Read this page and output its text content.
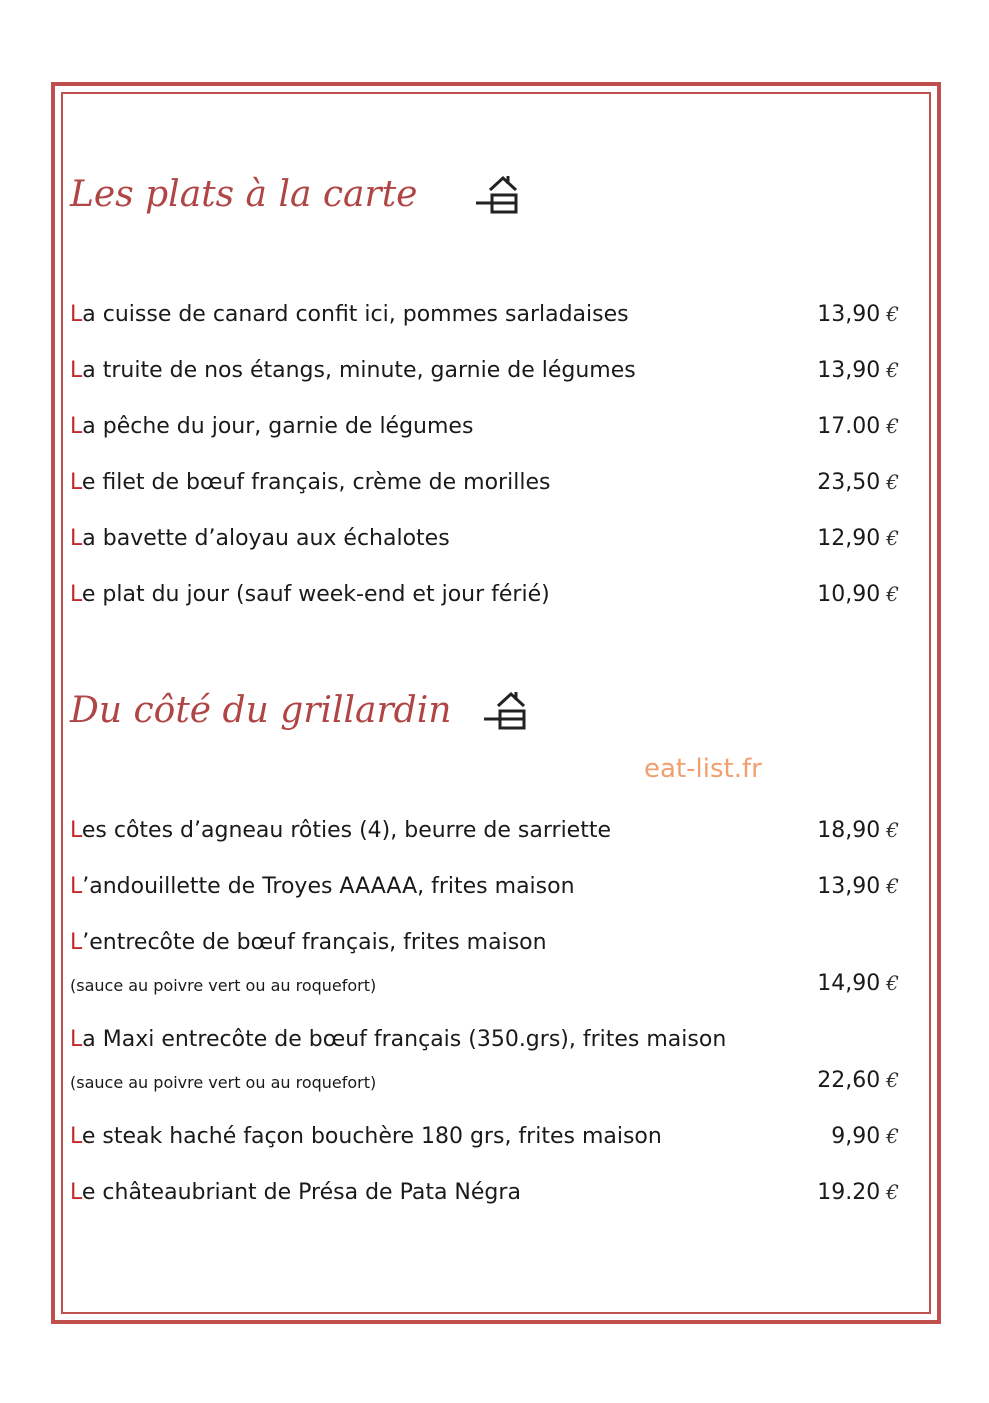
Les plats à la carte
La cuisse de canard confit ici, pommes sarladaises	13,90 €
La truite de nos étangs, minute, garnie de légumes	13,90 €
La pêche du jour, garnie de légumes	17.00 €
Le filet de bœuf français, crème de morilles	23,50 €
La bavette d’aloyau aux échalotes	12,90 €
Le plat du jour (sauf week-end et jour férié)	10,90 €
Du côté du grillardin
eat-list.fr
Les côtes d’agneau rôties (4), beurre de sarriette	18,90 €
L’andouillette de Troyes AAAAA, frites maison	13,90 €
L’entrecôte de bœuf français, frites maison
(sauce au poivre vert ou au roquefort)	14,90 €
La Maxi entrecôte de bœuf français (350.grs), frites maison
(sauce au poivre vert ou au roquefort)	22,60 €
Le steak haché façon bouchère 180 grs, frites maison	9,90 €
Le châteaubriant de Présa de Pata Négra	19.20 €
